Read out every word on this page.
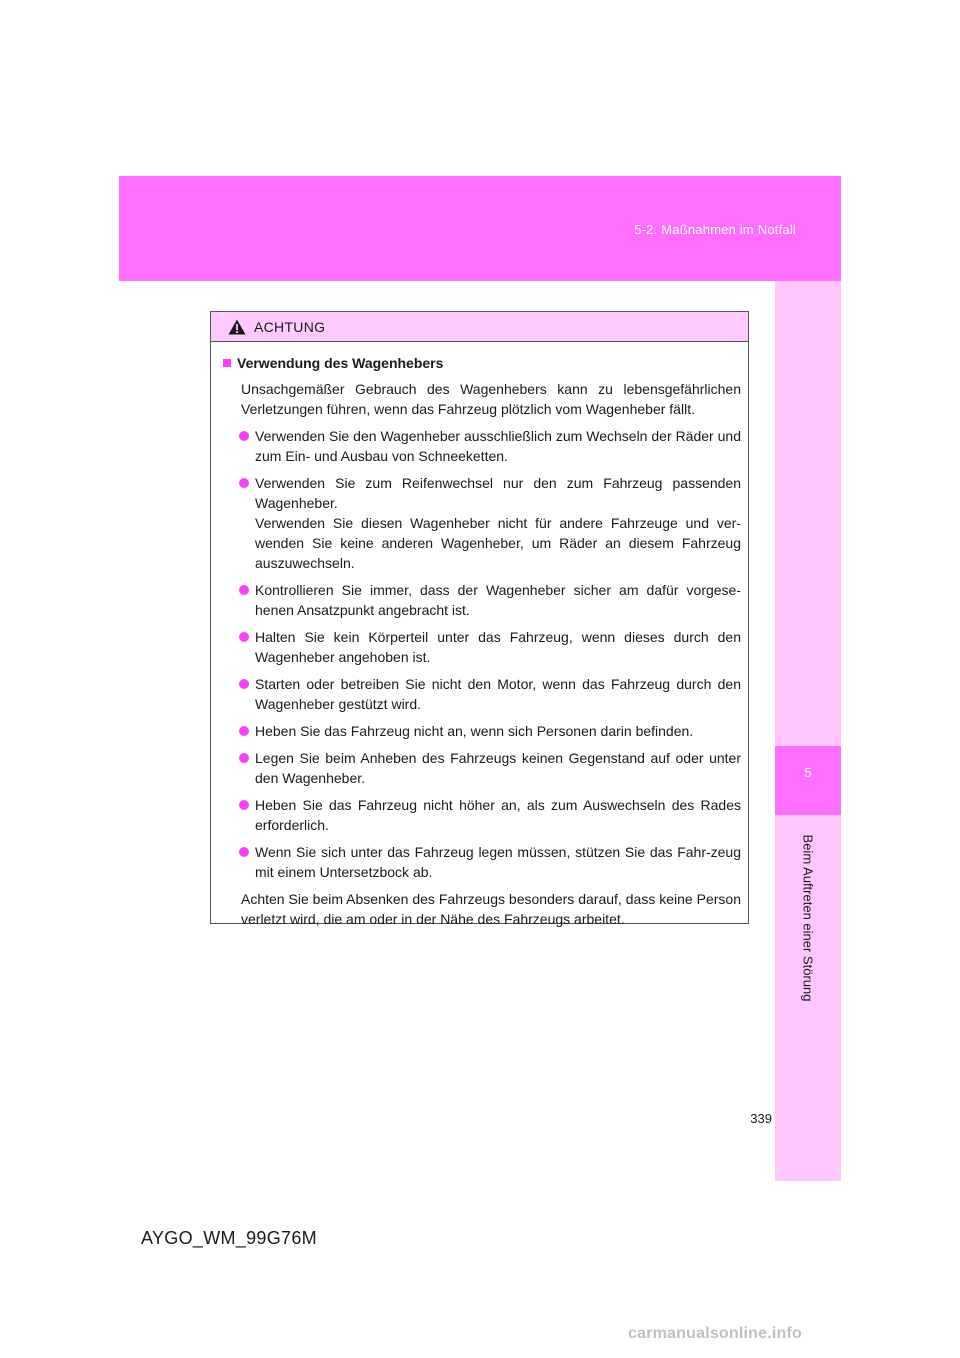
5-2. Maßnahmen im Notfall
5
Beim Auftreten einer Störung
ACHTUNG
Verwendung des Wagenhebers

Unsachgemäßer Gebrauch des Wagenhebers kann zu lebensgefährlichen Verletzungen führen, wenn das Fahrzeug plötzlich vom Wagenheber fällt.

Verwenden Sie den Wagenheber ausschließlich zum Wechseln der Räder und zum Ein- und Ausbau von Schneeketten.
Verwenden Sie zum Reifenwechsel nur den zum Fahrzeug passenden Wagenheber.
Verwenden Sie diesen Wagenheber nicht für andere Fahrzeuge und ver-wenden Sie keine anderen Wagenheber, um Räder an diesem Fahrzeug auszuwechseln.
Kontrollieren Sie immer, dass der Wagenheber sicher am dafür vorgese-henen Ansatzpunkt angebracht ist.
Halten Sie kein Körperteil unter das Fahrzeug, wenn dieses durch den Wagenheber angehoben ist.
Starten oder betreiben Sie nicht den Motor, wenn das Fahrzeug durch den Wagenheber gestützt wird.
Heben Sie das Fahrzeug nicht an, wenn sich Personen darin befinden.
Legen Sie beim Anheben des Fahrzeugs keinen Gegenstand auf oder unter den Wagenheber.
Heben Sie das Fahrzeug nicht höher an, als zum Auswechseln des Rades erforderlich.
Wenn Sie sich unter das Fahrzeug legen müssen, stützen Sie das Fahr-zeug mit einem Untersetzbock ab.

Achten Sie beim Absenken des Fahrzeugs besonders darauf, dass keine Person verletzt wird, die am oder in der Nähe des Fahrzeugs arbeitet.

339
AYGO_WM_99G76M
carmanualsonline.info
